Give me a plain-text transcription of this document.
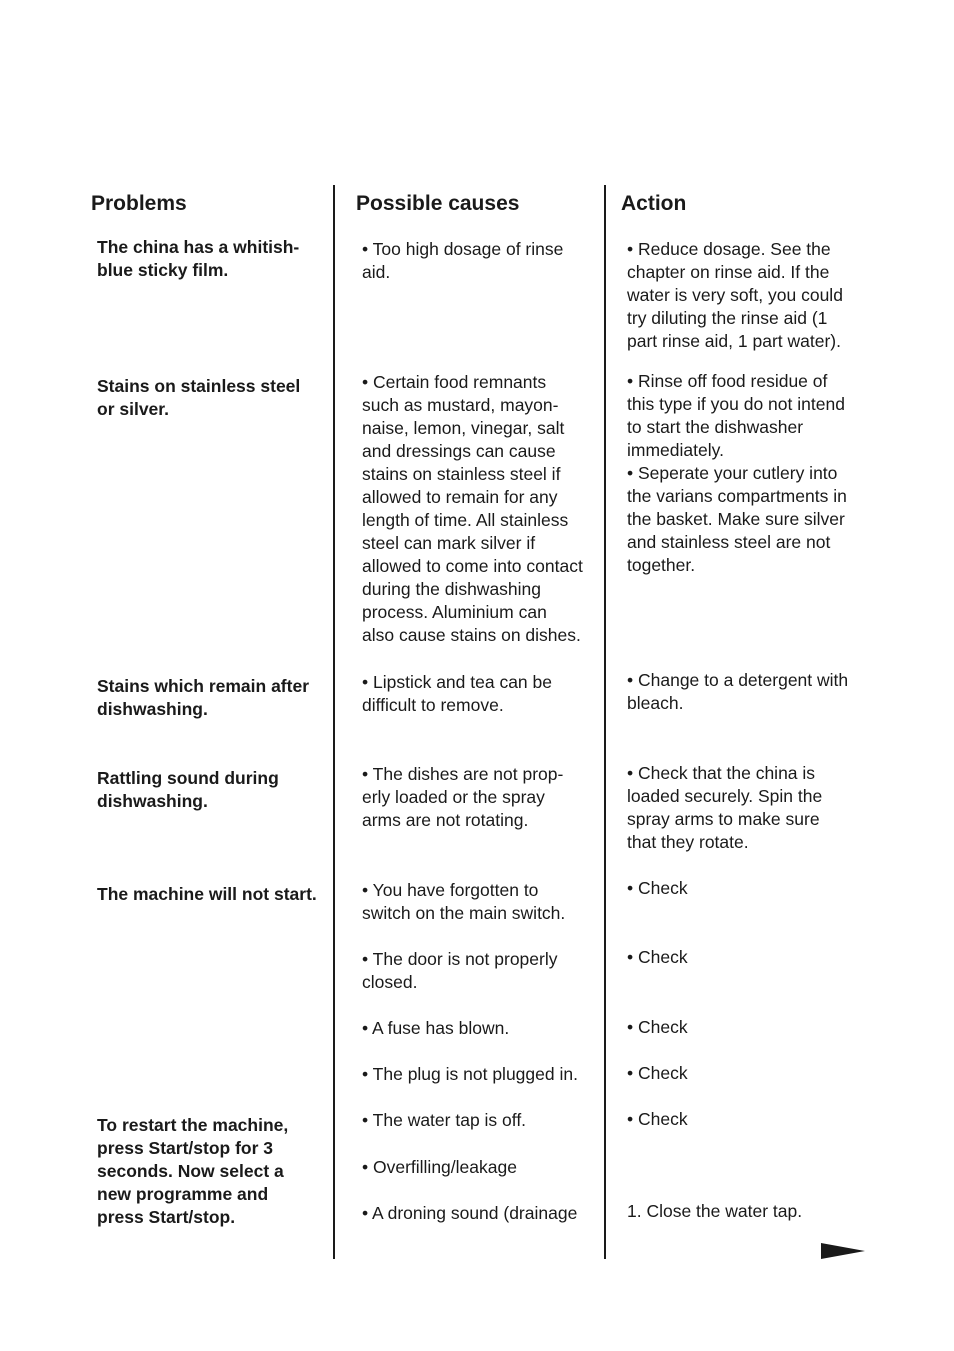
Problems	Possible causes	Action
The china has a whitish-
blue sticky film.
Stains on stainless steel
or silver.
Stains which remain after
dishwashing.
Rattling sound during
dishwashing.
The machine will not start.
To restart the machine,
press Start/stop for 3
seconds. Now select a
new programme and
press Start/stop.
• Too high dosage of rinse
aid.
• Certain food remnants
such as mustard, mayon-
naise, lemon, vinegar, salt
and dressings can cause
stains on stainless steel if
allowed to remain for any
length of time. All stainless
steel can mark silver if
allowed to come into contact
during the dishwashing
process. Aluminium can
also cause stains on dishes.
• Lipstick and tea can be
difficult to remove.
• The dishes are not prop-
erly loaded or the spray
arms are not rotating.
• You have forgotten to
switch on the main switch.
• The door is not properly
closed.
• A fuse has blown.
• The plug is not plugged in.
• The water tap is off.
• Overfilling/leakage
• A droning sound (drainage
• Reduce dosage. See the
chapter on rinse aid. If the
water is very soft, you could
try diluting the rinse aid (1
part rinse aid, 1 part water).
• Rinse off food residue of
this type if you do not intend
to start the dishwasher
immediately.
• Seperate your cutlery into
the varians compartments in
the basket. Make sure silver
and stainless steel are not
together.
• Change to a detergent with
bleach.
• Check that the china is
loaded securely. Spin the
spray arms to make sure
that they rotate.
• Check
• Check
• Check
• Check
• Check
1. Close the water tap.
